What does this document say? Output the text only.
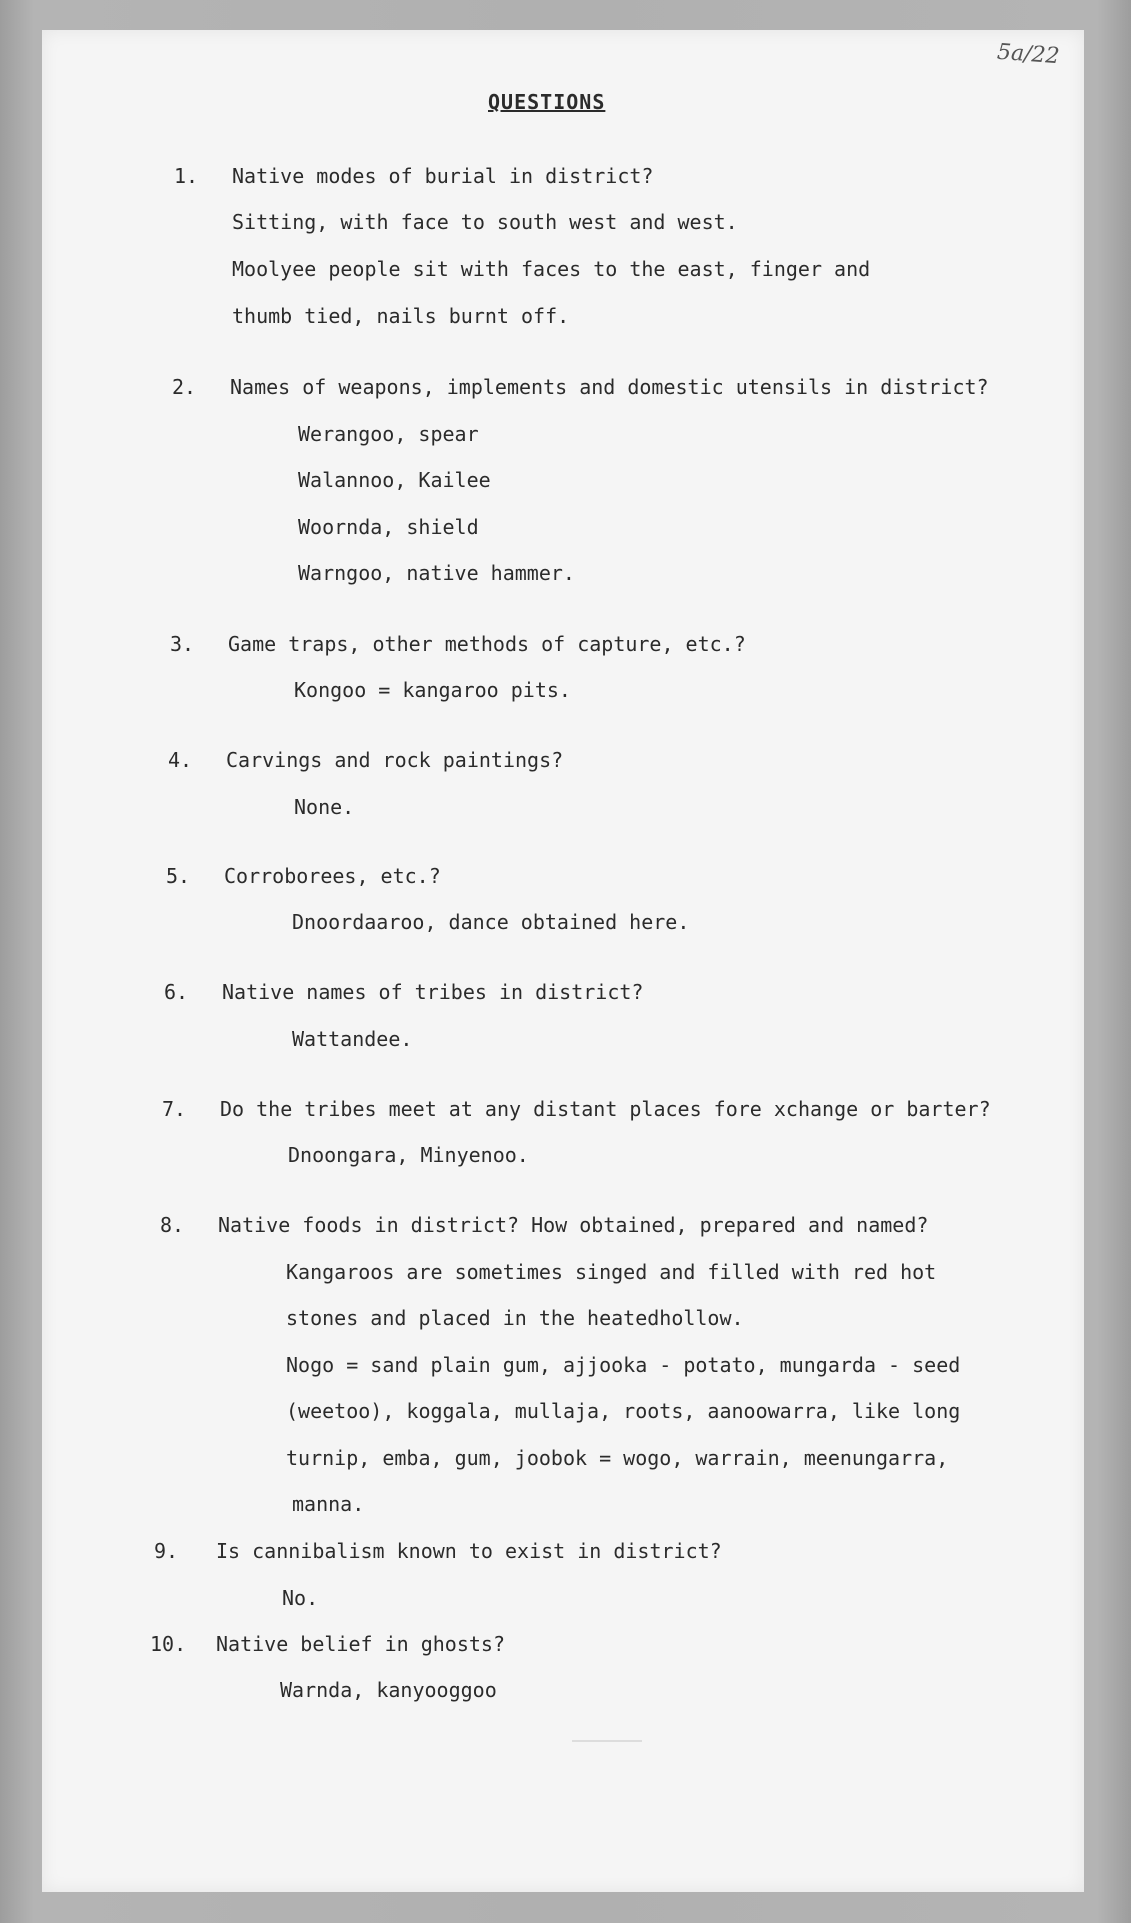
5a/22
QUESTIONS
1. Native modes of burial in district?
Sitting, with face to south west and west.
Moolyee people sit with faces to the east, finger and
thumb tied, nails burnt off.
2. Names of weapons, implements and domestic utensils in district?
Werangoo, spear
Walannoo, Kailee
Woornda, shield
Warngoo, native hammer.
3. Game traps, other methods of capture, etc.?
Kongoo = kangaroo pits.
4. Carvings and rock paintings?
None.
5. Corroborees, etc.?
Dnoordaaroo, dance obtained here.
6. Native names of tribes in district?
Wattandee.
7. Do the tribes meet at any distant places fore xchange or barter?
Dnoongara, Minyenoo.
8. Native foods in district? How obtained, prepared and named?
Kangaroos are sometimes singed and filled with red hot
stones and placed in the heatedhollow.
Nogo = sand plain gum, ajjooka - potato, mungarda - seed
(weetoo), koggala, mullaja, roots, aanoowarra, like long
turnip, emba, gum, joobok = wogo, warrain, meenungarra,
manna.
9. Is cannibalism known to exist in district?
No.
10. Native belief in ghosts?
Warnda, kanyooggoo
